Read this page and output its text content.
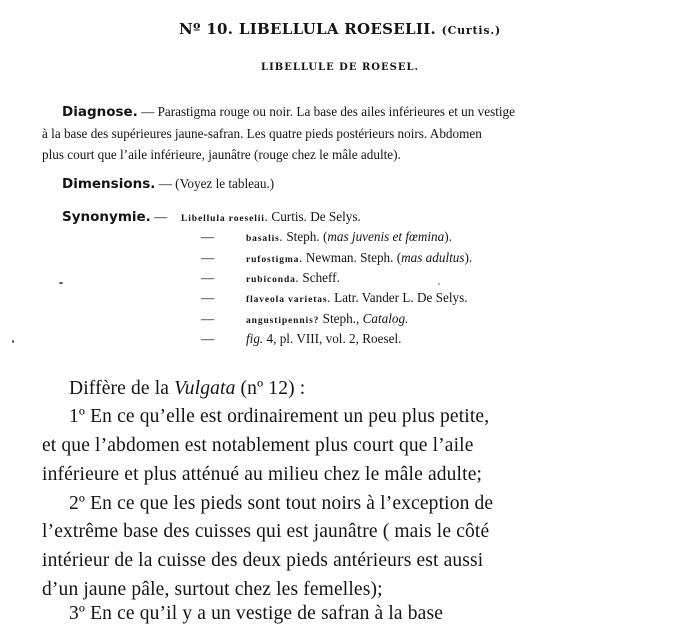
Nº 10. LIBELLULA ROESELII. (Curtis.)
LIBELLULE DE ROESEL.
Diagnose. — Parastigma rouge ou noir. La base des ailes inférieures et un vestige
à la base des supérieures jaune-safran. Les quatre pieds postérieurs noirs. Abdomen
plus court que l’aile inférieure, jaunâtre (rouge chez le mâle adulte).
Dimensions. — (Voyez le tableau.)
Synonymie. — Libellula roeselii. Curtis. De Selys.
—	basalis. Steph. (mas juvenis et fœmina).
—	rufostigma. Newman. Steph. (mas adultus).
—	rubiconda. Scheff.
—	flaveola varietas. Latr. Vander L. De Selys.
—	angustipennis? Steph., Catalog.
— fig. 4, pl. VIII, vol. 2, Roesel.
Diffère de la Vulgata (nº 12) :
1º En ce qu’elle est ordinairement un peu plus petite,
et que l’abdomen est notablement plus court que l’aile
inférieure et plus atténué au milieu chez le mâle adulte;
2º En ce que les pieds sont tout noirs à l’exception de
l’extrême base des cuisses qui est jaunâtre ( mais le côté
intérieur de la cuisse des deux pieds antérieurs est aussi
d’un jaune pâle, surtout chez les femelles);
3º En ce qu’il y a un vestige de safran à la base
